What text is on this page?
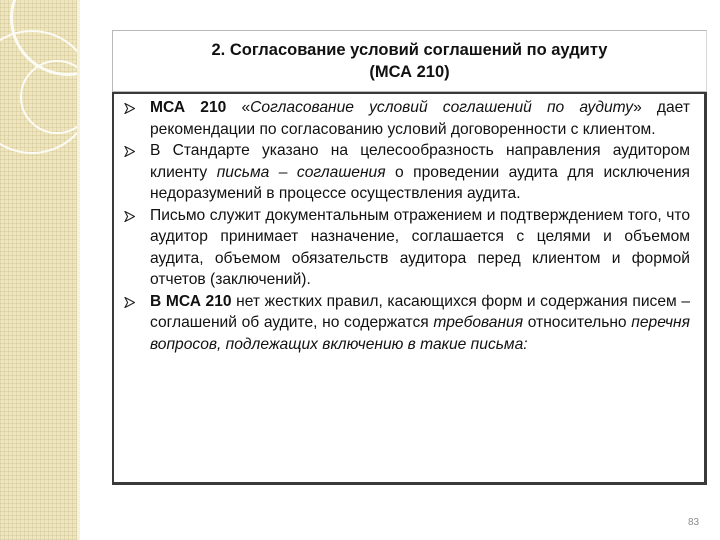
2. Согласование условий соглашений по аудиту
(МСА 210)
МСА 210 «Согласование условий соглашений по аудиту» дает рекомендации по согласованию условий договоренности с клиентом.
В Стандарте указано на целесообразность направления аудитором клиенту письма – соглашения о проведении аудита для исключения недоразумений в процессе осуществления аудита.
Письмо служит документальным отражением и подтверждением того, что аудитор принимает назначение, соглашается с целями и объемом аудита, объемом обязательств аудитора перед клиентом и формой отчетов (заключений).
В МСА 210 нет жестких правил, касающихся форм и содержания писем – соглашений об аудите, но содержатся требования относительно перечня вопросов, подлежащих включению в такие письма:
83
